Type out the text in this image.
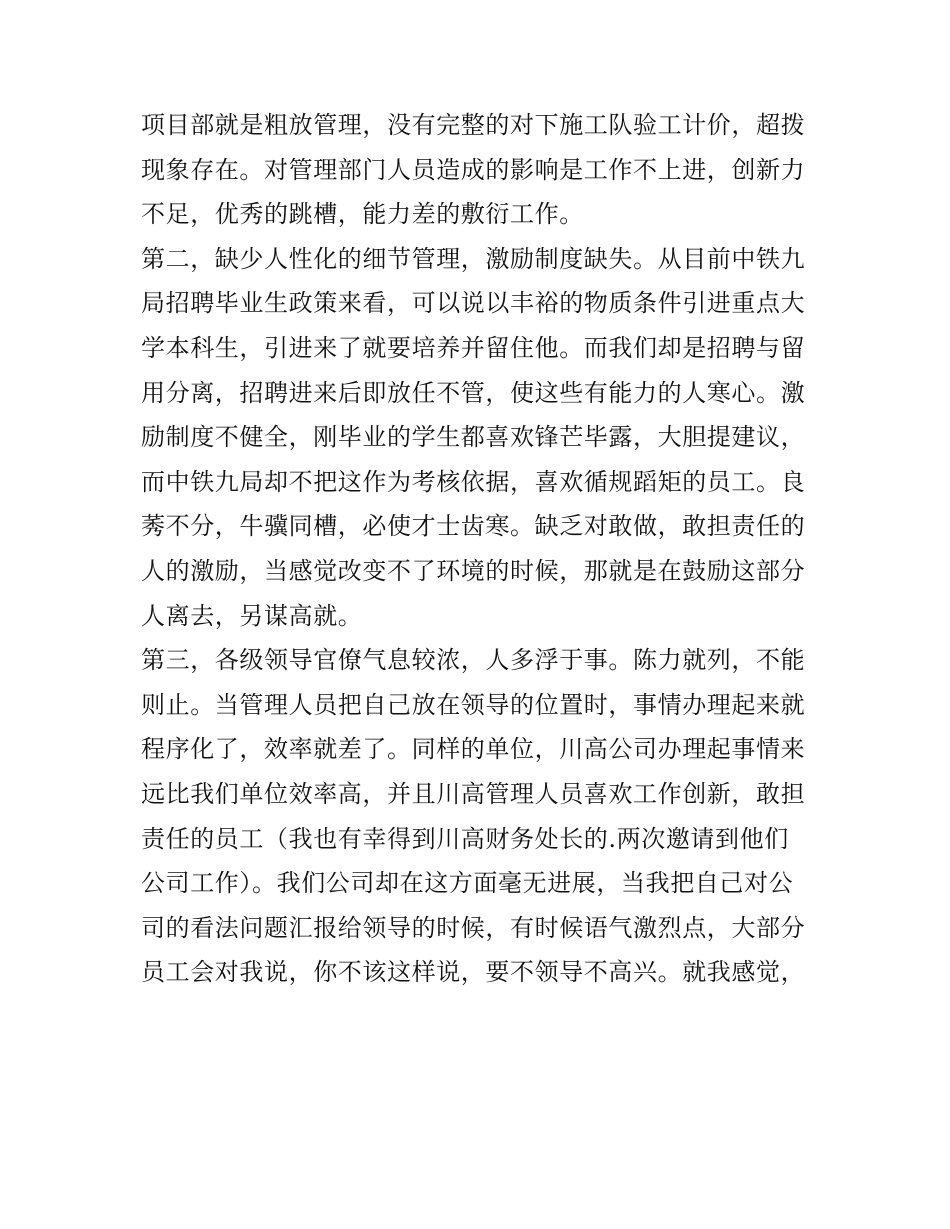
项目部就是粗放管理，没有完整的对下施工队验工计价，超拨
现象存在。对管理部门人员造成的影响是工作不上进，创新力
不足，优秀的跳槽，能力差的敷衍工作。
第二，缺少人性化的细节管理，激励制度缺失。从目前中铁九
局招聘毕业生政策来看，可以说以丰裕的物质条件引进重点大
学本科生，引进来了就要培养并留住他。而我们却是招聘与留
用分离，招聘进来后即放任不管，使这些有能力的人寒心。激
励制度不健全，刚毕业的学生都喜欢锋芒毕露，大胆提建议，
而中铁九局却不把这作为考核依据，喜欢循规蹈矩的员工。良
莠不分，牛骥同槽，必使才士齿寒。缺乏对敢做，敢担责任的
人的激励，当感觉改变不了环境的时候，那就是在鼓励这部分
人离去，另谋高就。
第三，各级领导官僚气息较浓，人多浮于事。陈力就列，不能
则止。当管理人员把自己放在领导的位置时，事情办理起来就
程序化了，效率就差了。同样的单位，川高公司办理起事情来
远比我们单位效率高，并且川高管理人员喜欢工作创新，敢担
责任的员工（我也有幸得到川高财务处长的.两次邀请到他们
公司工作）。我们公司却在这方面毫无进展，当我把自己对公
司的看法问题汇报给领导的时候，有时候语气激烈点，大部分
员工会对我说，你不该这样说，要不领导不高兴。就我感觉，
